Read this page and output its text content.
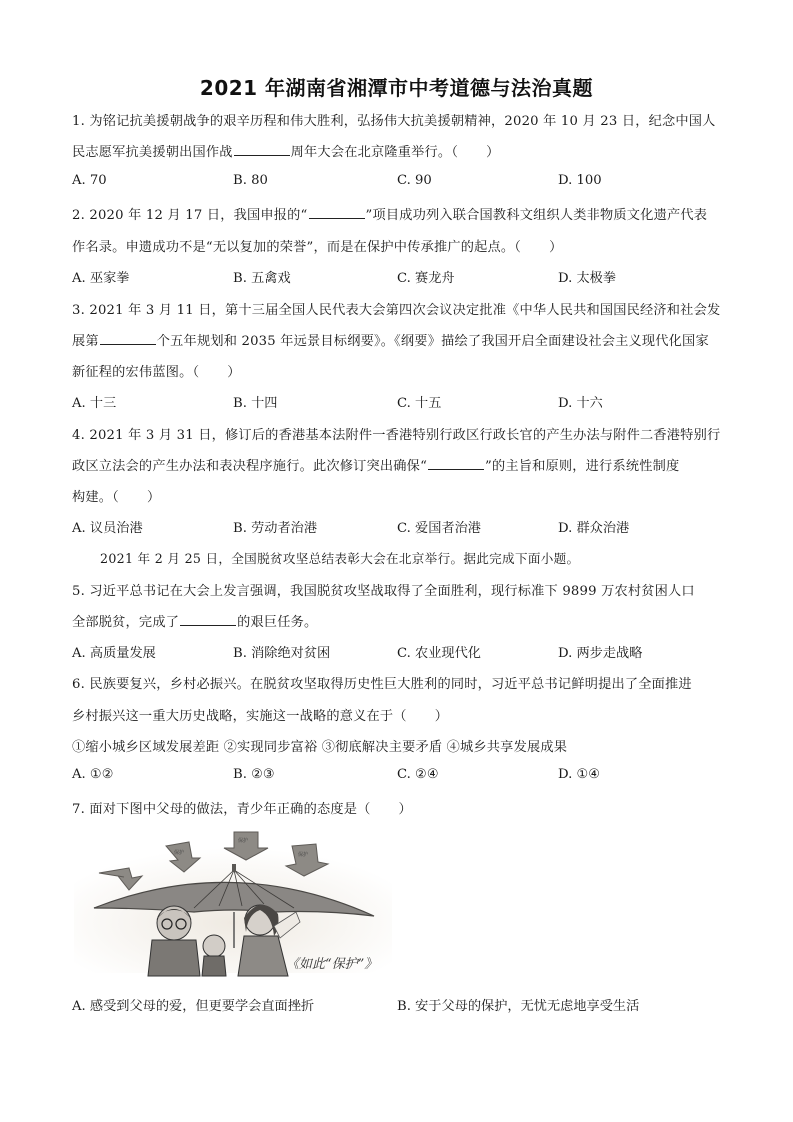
2021 年湖南省湘潭市中考道德与法治真题
1. 为铭记抗美援朝战争的艰辛历程和伟大胜利，弘扬伟大抗美援朝精神，2020 年 10 月 23 日，纪念中国人
民志愿军抗美援朝出国作战	周年大会在北京隆重举行。（ ）
A. 70	B. 80	C. 90	D. 100
2. 2020 年 12 月 17 日，我国申报的“	”项目成功列入联合国教科文组织人类非物质文化遗产代表
作名录。申遗成功不是“无以复加的荣誉”，而是在保护中传承推广的起点。（ ）
A. 巫家拳	B. 五禽戏	C. 赛龙舟	D. 太极拳
3. 2021 年 3 月 11 日，第十三届全国人民代表大会第四次会议决定批准《中华人民共和国国民经济和社会发
展第	个五年规划和 2035 年远景目标纲要》。《纲要》描绘了我国开启全面建设社会主义现代化国家
新征程的宏伟蓝图。（ ）
A. 十三	B. 十四	C. 十五	D. 十六
4. 2021 年 3 月 31 日，修订后的香港基本法附件一香港特别行政区行政长官的产生办法与附件二香港特别行
政区立法会的产生办法和表决程序施行。此次修订突出确保“	”的主旨和原则，进行系统性制度
构建。（ ）
A. 议员治港	B. 劳动者治港	C. 爱国者治港	D. 群众治港
2021 年 2 月 25 日，全国脱贫攻坚总结表彰大会在北京举行。据此完成下面小题。
5. 习近平总书记在大会上发言强调，我国脱贫攻坚战取得了全面胜利，现行标准下 9899 万农村贫困人口
全部脱贫，完成了	的艰巨任务。
A. 高质量发展	B. 消除绝对贫困	C. 农业现代化	D. 两步走战略
6. 民族要复兴，乡村必振兴。在脱贫攻坚取得历史性巨大胜利的同时，习近平总书记鲜明提出了全面推进
乡村振兴这一重大历史战略，实施这一战略的意义在于（ ）
①缩小城乡区域发展差距 ②实现同步富裕 ③彻底解决主要矛盾 ④城乡共享发展成果
A. ①②	B. ②③	C. ②④	D. ①④
7. 面对下图中父母的做法，青少年正确的态度是（ ）
保护
保护
保护
《如此“保护”》
A. 感受到父母的爱，但更要学会直面挫折	B. 安于父母的保护，无忧无虑地享受生活
